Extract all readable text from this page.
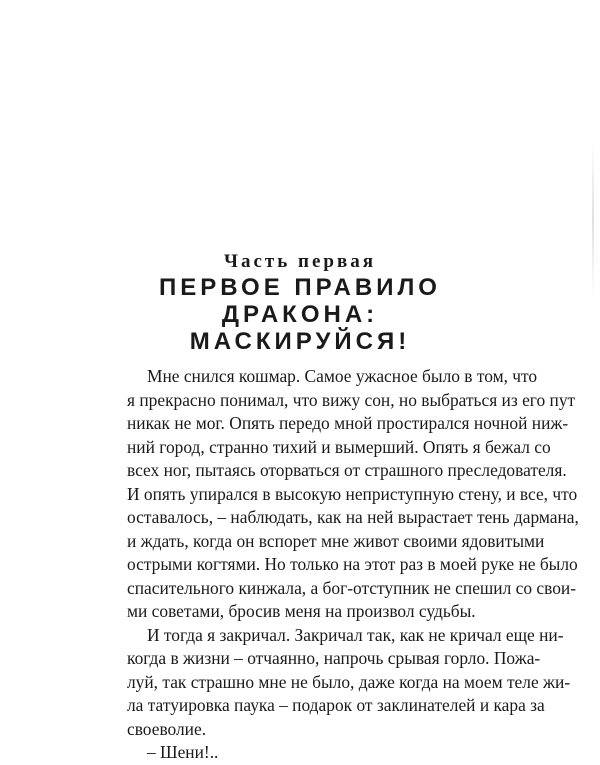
Часть первая

ПЕРВОЕ ПРАВИЛО

ДРАКОНА:

МАСКИРУЙСЯ!

Мне снился кошмар. Самое ужасное было в том, что
я прекрасно понимал, что вижу сон, но выбраться из его пут
никак не мог. Опять передо мной простирался ночной ниж-
ний город, странно тихий и вымерший. Опять я бежал со
всех ног, пытаясь оторваться от страшного преследователя.
И опять упирался в высокую неприступную стену, и все, что
оставалось, – наблюдать, как на ней вырастает тень дармана,
и ждать, когда он вспорет мне живот своими ядовитыми
острыми когтями. Но только на этот раз в моей руке не было
спасительного кинжала, а бог-отступник не спешил со свои-
ми советами, бросив меня на произвол судьбы.
И тогда я закричал. Закричал так, как не кричал еще ни-
когда в жизни – отчаянно, напрочь срывая горло. Пожа-
луй, так страшно мне не было, даже когда на моем теле жи-
ла татуировка паука – подарок от заклинателей и кара за
своеволие.
– Шени!..
